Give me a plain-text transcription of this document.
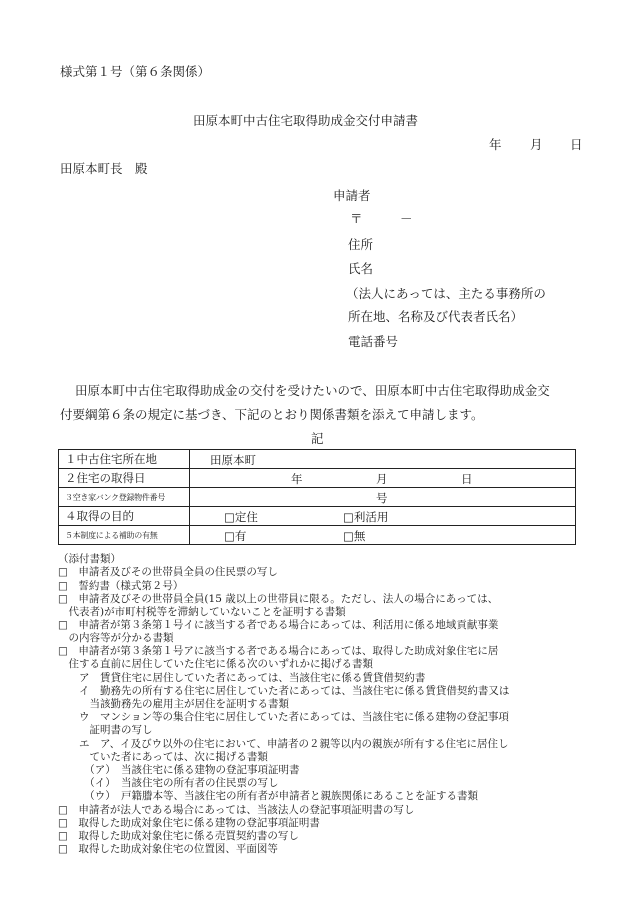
様式第１号（第６条関係）
田原本町中古住宅取得助成金交付申請書
年 月 日
田原本町長　殿
申請者
〒	－
住所
氏名
（法人にあっては、主たる事務所の
所在地、名称及び代表者氏名）
電話番号
田原本町中古住宅取得助成金の交付を受けたいので、田原本町中古住宅取得助成金交
付要綱第６条の規定に基づき、下記のとおり関係書類を添えて申請します。
記
１中古住宅所在地	田原本町

２住宅の取得日	年 月 日

３空き家バンク登録物件番号	号

４取得の目的	□定住 □利活用

５本制度による補助の有無	□有 □無
（添付書類）
□　申請者及びその世帯員全員の住民票の写し
□　誓約書（様式第２号）
□　申請者及びその世帯員全員(15 歳以上の世帯員に限る。ただし、法人の場合にあっては、
　代表者)が市町村税等を滞納していないことを証明する書類
□　申請者が第３条第１号イに該当する者である場合にあっては、利活用に係る地域貢献事業
　の内容等が分かる書類
□　申請者が第３条第１号アに該当する者である場合にあっては、取得した助成対象住宅に居
　住する直前に居住していた住宅に係る次のいずれかに掲げる書類
　　ア　賃貸住宅に居住していた者にあっては、当該住宅に係る賃貸借契約書
　　イ　勤務先の所有する住宅に居住していた者にあっては、当該住宅に係る賃貸借契約書又は
　　　当該勤務先の雇用主が居住を証明する書類
　　ウ　マンション等の集合住宅に居住していた者にあっては、当該住宅に係る建物の登記事項
　　　証明書の写し
　　エ　ア、イ及びウ以外の住宅において、申請者の２親等以内の親族が所有する住宅に居住し
　　　ていた者にあっては、次に掲げる書類
　　　（ア）　当該住宅に係る建物の登記事項証明書
　　　（イ）　当該住宅の所有者の住民票の写し
　　　（ウ）　戸籍謄本等、当該住宅の所有者が申請者と親族関係にあることを証する書類
□　申請者が法人である場合にあっては、当該法人の登記事項証明書の写し
□　取得した助成対象住宅に係る建物の登記事項証明書
□　取得した助成対象住宅に係る売買契約書の写し
□　取得した助成対象住宅の位置図、平面図等
